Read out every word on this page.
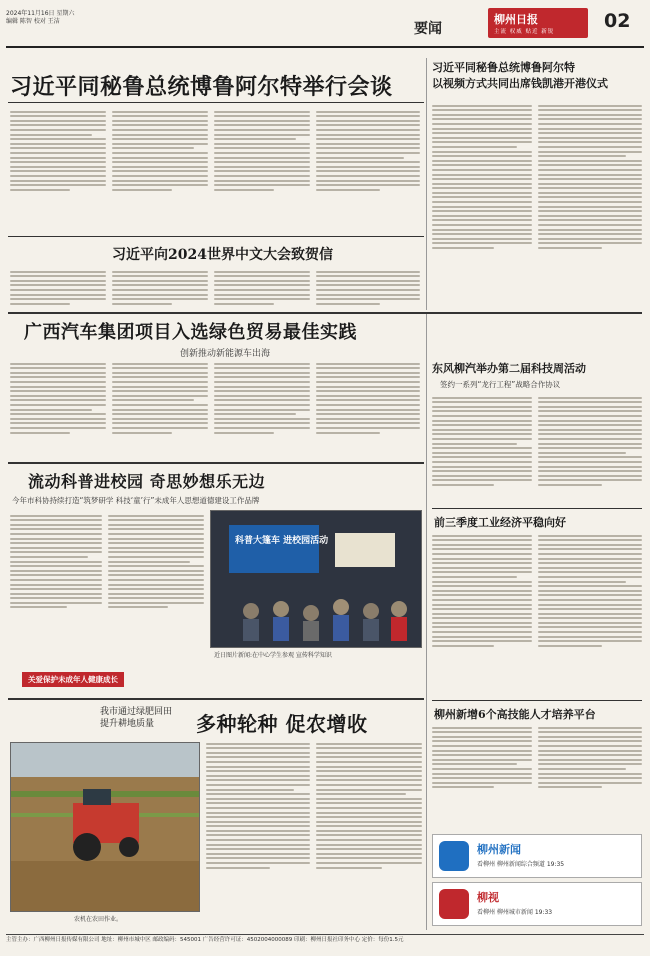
2024年11月16日 星期六
编辑 陈智 校对 王洁	要闻
柳州日报
主流 权威 贴近 新锐	02
习近平同秘鲁总统博鲁阿尔特举行会谈
习近平同秘鲁总统博鲁阿尔特
以视频方式共同出席钱凯港开港仪式
习近平向2024世界中文大会致贺信
广西汽车集团项目入选绿色贸易最佳实践
创新推动新能源车出海
东风柳汽举办第二届科技周活动
签约一系列“龙行工程”战略合作协议
流动科普进校园 奇思妙想乐无边
今年市科协持续打造“筑梦研学 科技‘童’行”未成年人思想道德建设工作品牌
科普大篷车 进校园活动
近日图片新闻:在中心学生参观 宣传科学知识
关爱保护未成年人健康成长
前三季度工业经济平稳向好
我市通过绿肥回田
提升耕地质量	多种轮种 促农增收
农机在农田作业。
柳州新增6个高技能人才培养平台
柳州新闻
看柳州 柳州新闻综合频道 19:35
柳视
看柳州 柳州城市新闻 19:33
主管主办：广西柳州日报传媒有限公司 地址：柳州市城中区 邮政编码：545001 广告经营许可证：4502004000089 印刷：柳州日报社印务中心 定价：每份1.5元
